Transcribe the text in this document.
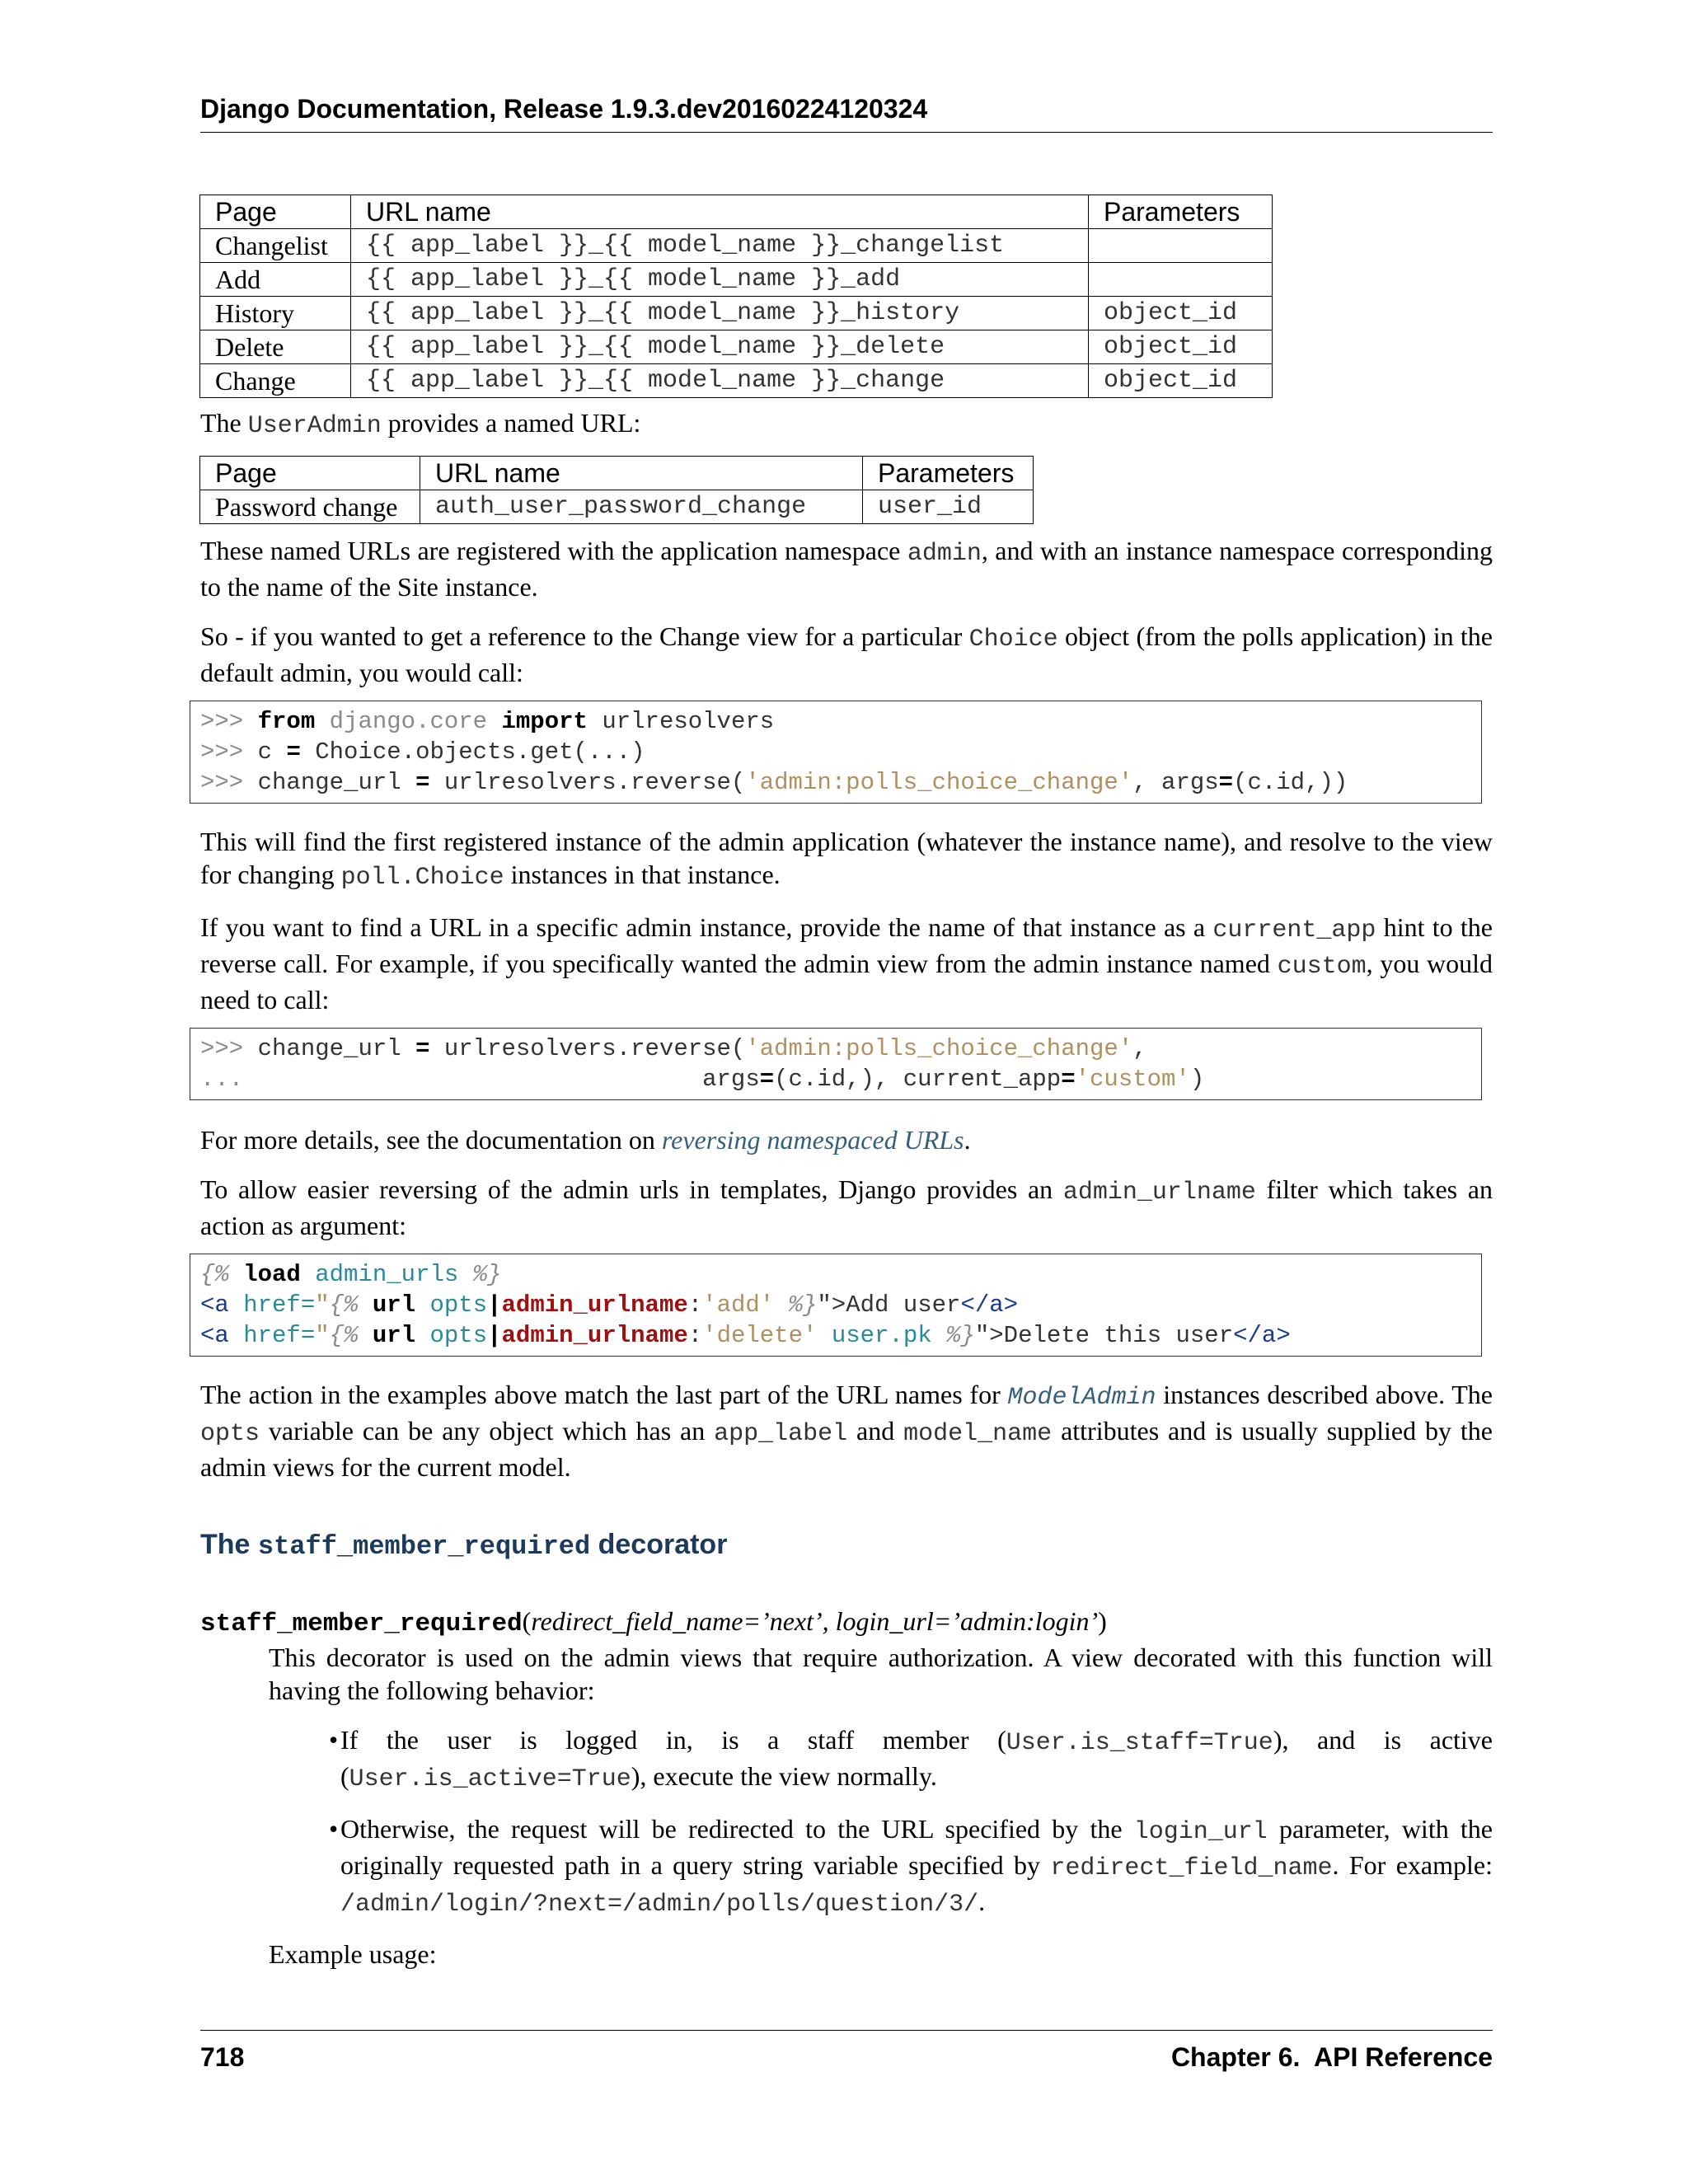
Django Documentation, Release 1.9.3.dev20160224120324
Page	URL name	Parameters
Changelist	{{ app_label }}_{{ model_name }}_changelist	
Add	{{ app_label }}_{{ model_name }}_add	
History	{{ app_label }}_{{ model_name }}_history	object_id
Delete	{{ app_label }}_{{ model_name }}_delete	object_id
Change	{{ app_label }}_{{ model_name }}_change	object_id

The UserAdmin provides a named URL:

Page	URL name	Parameters
Password change	auth_user_password_change	user_id

These named URLs are registered with the application namespace admin, and with an instance namespace corresponding to the name of the Site instance.

So - if you wanted to get a reference to the Change view for a particular Choice object (from the polls application) in the default admin, you would call:

>>> from django.core import urlresolvers
>>> c = Choice.objects.get(...)
>>> change_url = urlresolvers.reverse('admin:polls_choice_change', args=(c.id,))

This will find the first registered instance of the admin application (whatever the instance name), and resolve to the view for changing poll.Choice instances in that instance.

If you want to find a URL in a specific admin instance, provide the name of that instance as a current_app hint to the reverse call. For example, if you specifically wanted the admin view from the admin instance named custom, you would need to call:

>>> change_url = urlresolvers.reverse('admin:polls_choice_change',
...	args=(c.id,), current_app='custom')

For more details, see the documentation on reversing namespaced URLs.

To allow easier reversing of the admin urls in templates, Django provides an admin_urlname filter which takes an action as argument:

{% load admin_urls %}
<a href="{% url opts|admin_urlname:'add' %}">Add user</a>
<a href="{% url opts|admin_urlname:'delete' user.pk %}">Delete this user</a>

The action in the examples above match the last part of the URL names for ModelAdmin instances described above. The opts variable can be any object which has an app_label and model_name attributes and is usually supplied by the admin views for the current model.

The staff_member_required decorator
staff_member_required(redirect_field_name=’next’, login_url=’admin:login’)

This decorator is used on the admin views that require authorization. A view decorated with this function will having the following behavior:

• If the user is logged in, is a staff member (User.is_staff=True), and is active (User.is_active=True), execute the view normally.
• Otherwise, the request will be redirected to the URL specified by the login_url parameter, with the originally requested path in a query string variable specified by redirect_field_name. For example: /admin/login/?next=/admin/polls/question/3/.

Example usage:

718	Chapter 6.  API Reference
